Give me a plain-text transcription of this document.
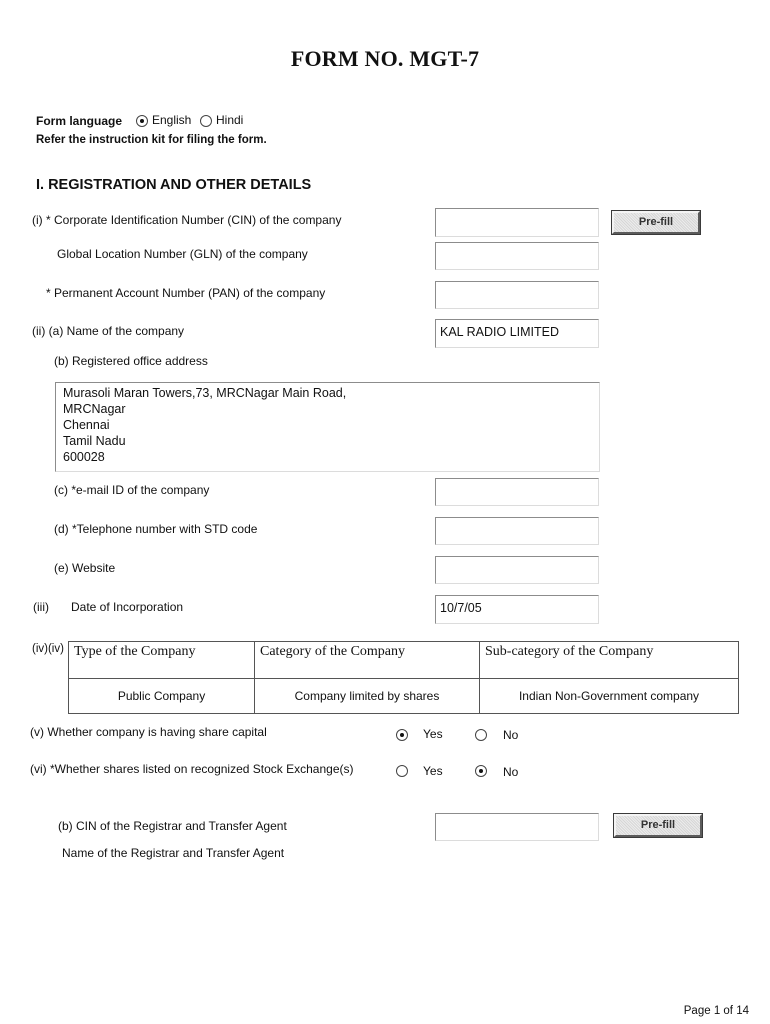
FORM NO. MGT-7
Form language English Hindi
Refer the instruction kit for filing the form.
I. REGISTRATION AND OTHER DETAILS
(i) * Corporate Identification Number (CIN) of the company	Pre-fill
Global Location Number (GLN) of the company
* Permanent Account Number (PAN) of the company
(ii) (a) Name of the company	KAL RADIO LIMITED
(b) Registered office address
Murasoli Maran Towers,73, MRCNagar Main Road,
MRCNagar
Chennai
Tamil Nadu
600028
(c) *e-mail ID of the company
(d) *Telephone number with STD code
(e) Website
(iii) Date of Incorporation	10/7/05
(iv)(iv) Type of the Company	Category of the Company	Sub-category of the Company
Public Company	Company limited by shares	Indian Non-Government company
(v) Whether company is having share capital	Yes	No
(vi) *Whether shares listed on recognized Stock Exchange(s)	Yes	No
(b) CIN of the Registrar and Transfer Agent	Pre-fill
Name of the Registrar and Transfer Agent
Page 1 of 14
